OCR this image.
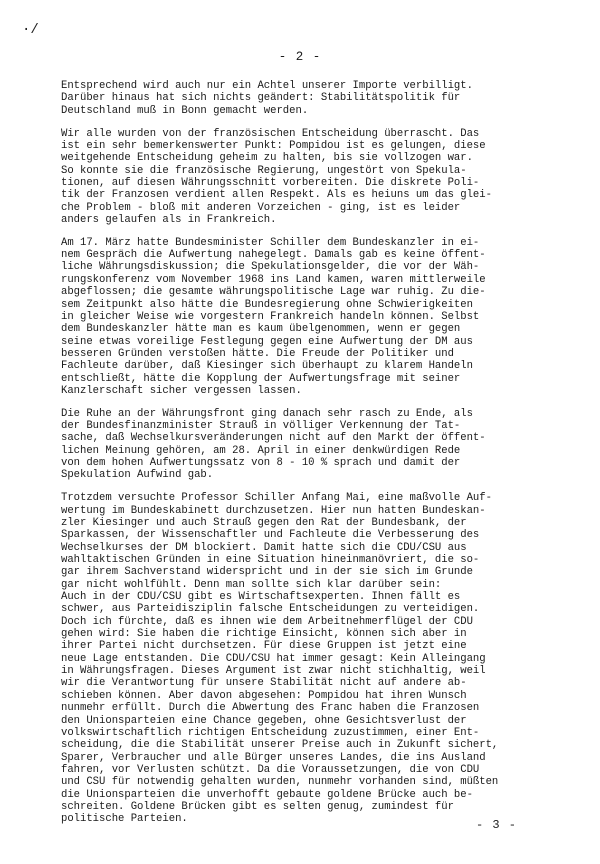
·/
- 2 -
Entsprechend wird auch nur ein Achtel unserer Importe verbilligt.
Darüber hinaus hat sich nichts geändert: Stabilitätspolitik für
Deutschland muß in Bonn gemacht werden.
Wir alle wurden von der französischen Entscheidung überrascht. Das
ist ein sehr bemerkenswerter Punkt: Pompidou ist es gelungen, diese
weitgehende Entscheidung geheim zu halten, bis sie vollzogen war.
So konnte sie die französische Regierung, ungestört von Spekula-
tionen, auf diesen Währungsschnitt vorbereiten. Die diskrete Poli-
tik der Franzosen verdient allen Respekt. Als es heiuns um das glei-
che Problem - bloß mit anderen Vorzeichen - ging, ist es leider
anders gelaufen als in Frankreich.
Am 17. März hatte Bundesminister Schiller dem Bundeskanzler in ei-
nem Gespräch die Aufwertung nahegelegt. Damals gab es keine öffent-
liche Währungsdiskussion; die Spekulationsgelder, die vor der Wäh-
rungskonferenz vom November 1968 ins Land kamen, waren mittlerweile
abgeflossen; die gesamte währungspolitische Lage war ruhig. Zu die-
sem Zeitpunkt also hätte die Bundesregierung ohne Schwierigkeiten
in gleicher Weise wie vorgestern Frankreich handeln können. Selbst
dem Bundeskanzler hätte man es kaum übelgenommen, wenn er gegen
seine etwas voreilige Festlegung gegen eine Aufwertung der DM aus
besseren Gründen verstoßen hätte. Die Freude der Politiker und
Fachleute darüber, daß Kiesinger sich überhaupt zu klarem Handeln
entschließt, hätte die Kopplung der Aufwertungsfrage mit seiner
Kanzlerschaft sicher vergessen lassen.
Die Ruhe an der Währungsfront ging danach sehr rasch zu Ende, als
der Bundesfinanzminister Strauß in völliger Verkennung der Tat-
sache, daß Wechselkursveränderungen nicht auf den Markt der öffent-
lichen Meinung gehören, am 28. April in einer denkwürdigen Rede
von dem hohen Aufwertungssatz von 8 - 10 % sprach und damit der
Spekulation Aufwind gab.
Trotzdem versuchte Professor Schiller Anfang Mai, eine maßvolle Auf-
wertung im Bundeskabinett durchzusetzen. Hier nun hatten Bundeskan-
zler Kiesinger und auch Strauß gegen den Rat der Bundesbank, der
Sparkassen, der Wissenschaftler und Fachleute die Verbesserung des
Wechselkurses der DM blockiert. Damit hatte sich die CDU/CSU aus
wahltaktischen Gründen in eine Situation hineinmanövriert, die so-
gar ihrem Sachverstand widerspricht und in der sie sich im Grunde
gar nicht wohlfühlt. Denn man sollte sich klar darüber sein:
Auch in der CDU/CSU gibt es Wirtschaftsexperten. Ihnen fällt es
schwer, aus Parteidisziplin falsche Entscheidungen zu verteidigen.
Doch ich fürchte, daß es ihnen wie dem Arbeitnehmerflügel der CDU
gehen wird: Sie haben die richtige Einsicht, können sich aber in
ihrer Partei nicht durchsetzen. Für diese Gruppen ist jetzt eine
neue Lage entstanden. Die CDU/CSU hat immer gesagt: Kein Alleingang
in Währungsfragen. Dieses Argument ist zwar nicht stichhaltig, weil
wir die Verantwortung für unsere Stabilität nicht auf andere ab-
schieben können. Aber davon abgesehen: Pompidou hat ihren Wunsch
nunmehr erfüllt. Durch die Abwertung des Franc haben die Franzosen
den Unionsparteien eine Chance gegeben, ohne Gesichtsverlust der
volkswirtschaftlich richtigen Entscheidung zuzustimmen, einer Ent-
scheidung, die die Stabilität unserer Preise auch in Zukunft sichert,
Sparer, Verbraucher und alle Bürger unseres Landes, die ins Ausland
fahren, vor Verlusten schützt. Da die Voraussetzungen, die von CDU
und CSU für notwendig gehalten wurden, nunmehr vorhanden sind, müßten
die Unionsparteien die unverhofft gebaute goldene Brücke auch be-
schreiten. Goldene Brücken gibt es selten genug, zumindest für
politische Parteien.	- 3 -
